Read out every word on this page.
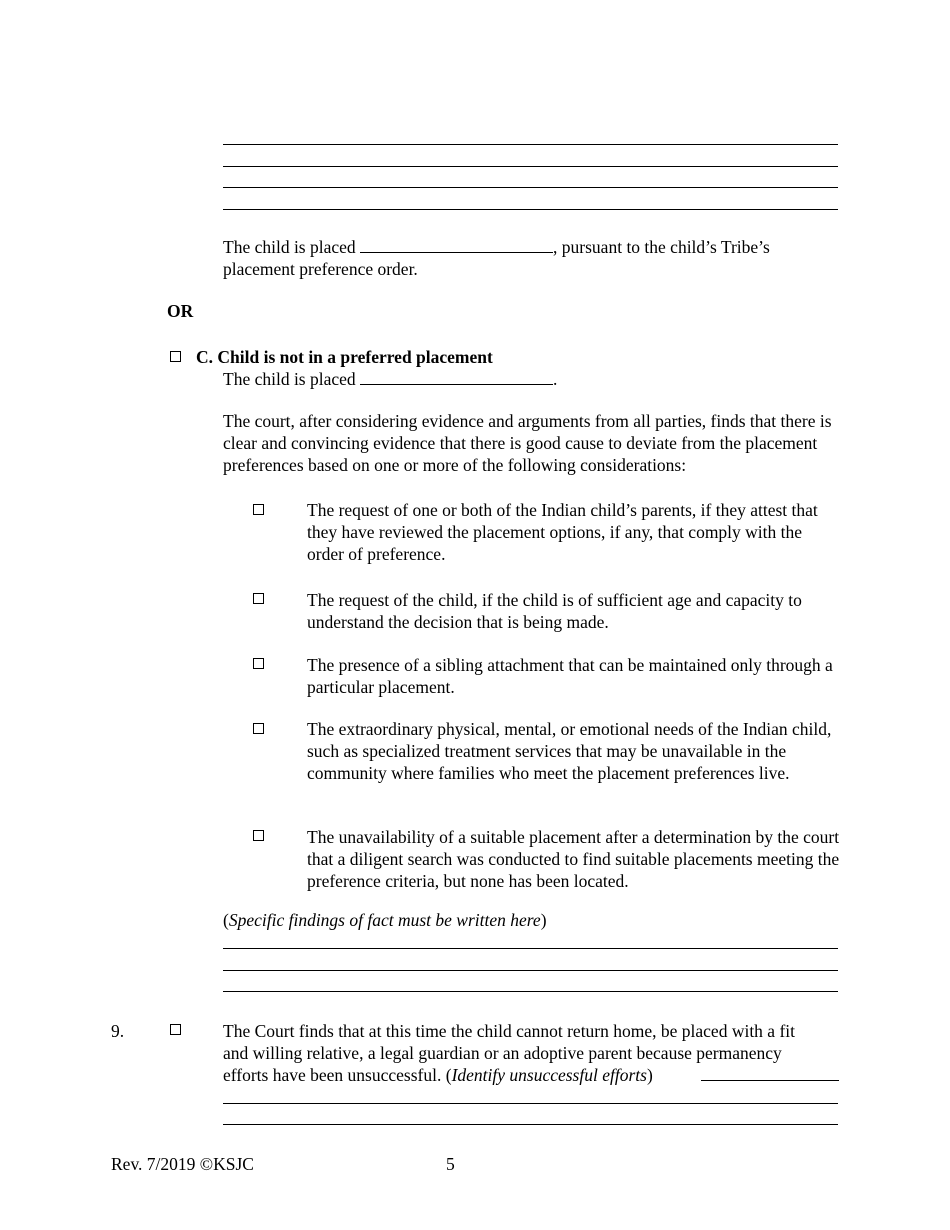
The child is placed	, pursuant to the child’s Tribe’s
placement preference order.
OR
C. Child is not in a preferred placement
The child is placed	.
The court, after considering evidence and arguments from all parties, finds that there is clear and convincing evidence that there is good cause to deviate from the placement preferences based on one or more of the following considerations:
The request of one or both of the Indian child’s parents, if they attest that they have reviewed the placement options, if any, that comply with the order of preference.
The request of the child, if the child is of sufficient age and capacity to understand the decision that is being made.
The presence of a sibling attachment that can be maintained only through a particular placement.
The extraordinary physical, mental, or emotional needs of the Indian child, such as specialized treatment services that may be unavailable in the community where families who meet the placement preferences live.
The unavailability of a suitable placement after a determination by the court that a diligent search was conducted to find suitable placements meeting the preference criteria, but none has been located.
(Specific findings of fact must be written here)
9.	The Court finds that at this time the child cannot return home, be placed with a fit
and willing relative, a legal guardian or an adoptive parent because permanency
efforts have been unsuccessful. (Identify unsuccessful efforts)
Rev. 7/2019 ©KSJC	5
